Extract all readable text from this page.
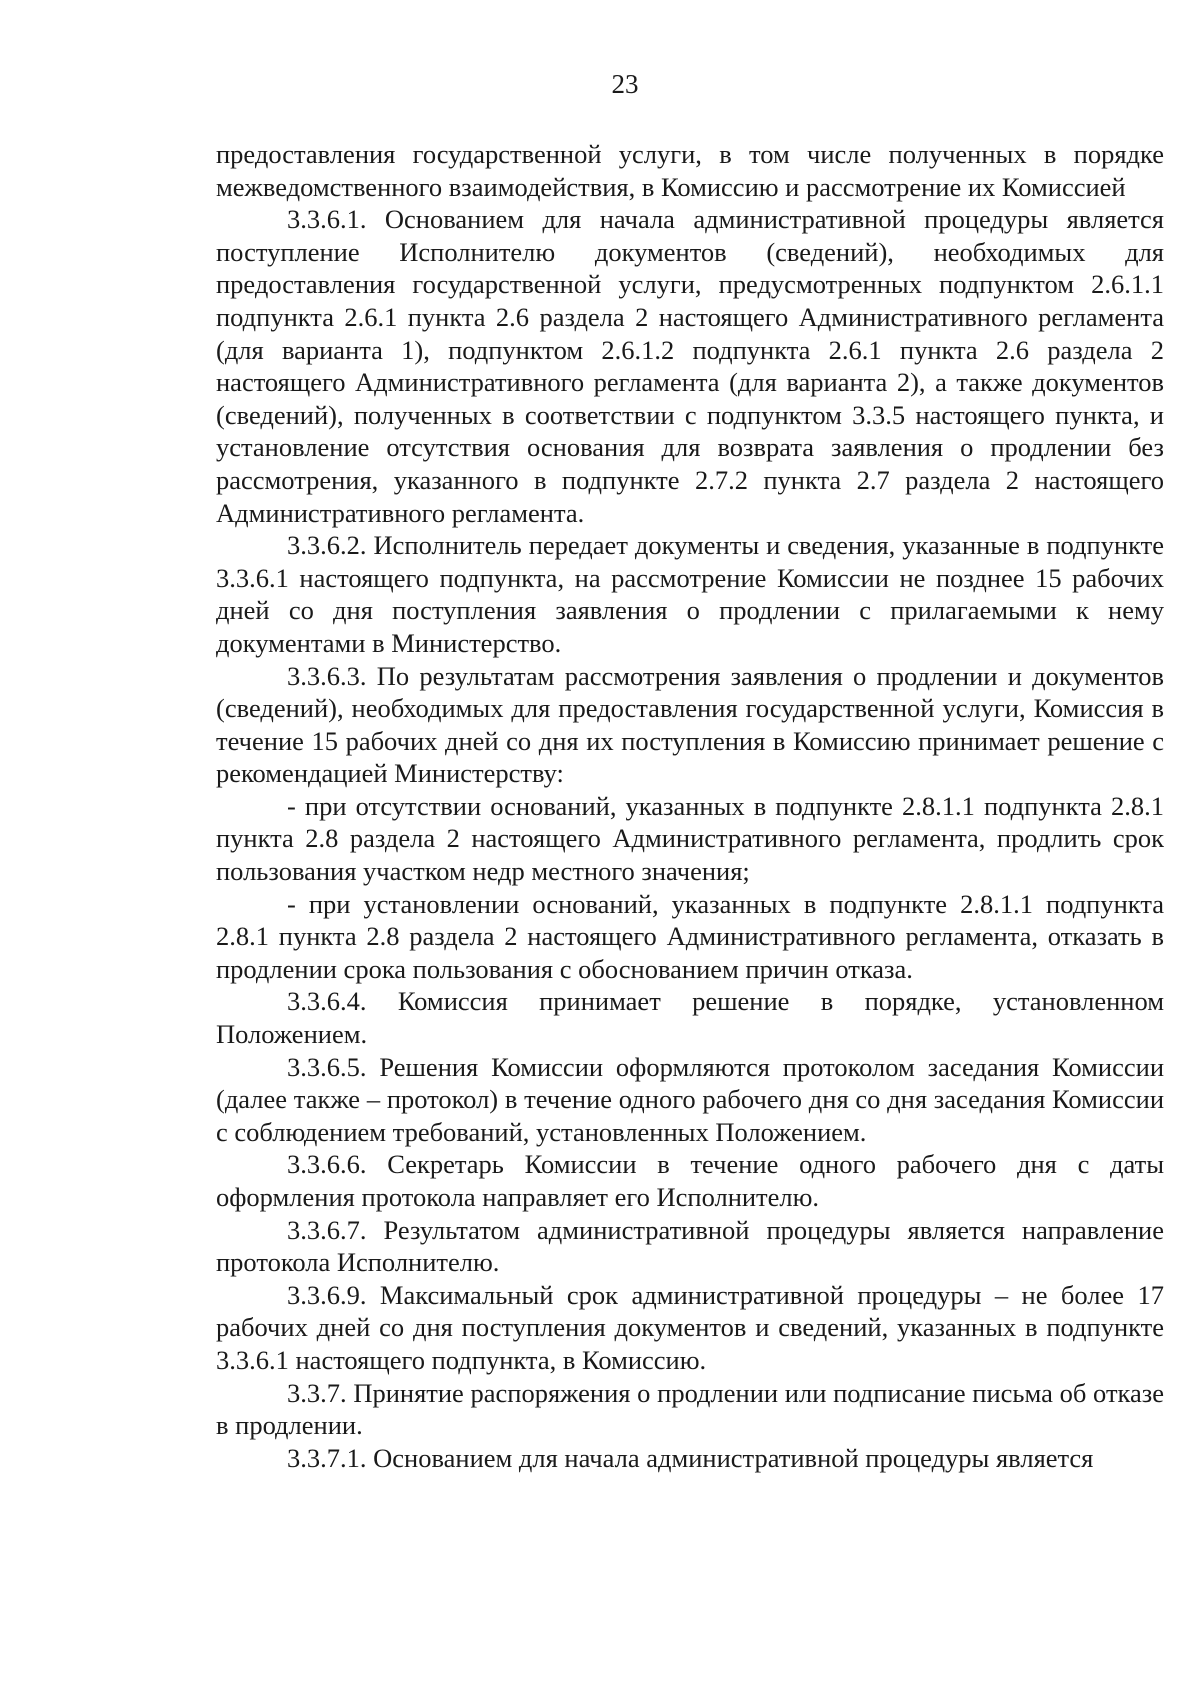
23

предоставления государственной услуги, в том числе полученных в порядке межведомственного взаимодействия, в Комиссию и рассмотрение их Комиссией

3.3.6.1. Основанием для начала административной процедуры является поступление Исполнителю документов (сведений), необходимых для предоставления государственной услуги, предусмотренных подпунктом 2.6.1.1 подпункта 2.6.1 пункта 2.6 раздела 2 настоящего Административного регламента (для варианта 1), подпунктом 2.6.1.2 подпункта 2.6.1 пункта 2.6 раздела 2 настоящего Административного регламента (для варианта 2), а также документов (сведений), полученных в соответствии с подпунктом 3.3.5 настоящего пункта, и установление отсутствия основания для возврата заявления о продлении без рассмотрения, указанного в подпункте 2.7.2 пункта 2.7 раздела 2 настоящего Административного регламента.

3.3.6.2. Исполнитель передает документы и сведения, указанные в подпункте 3.3.6.1 настоящего подпункта, на рассмотрение Комиссии не позднее 15 рабочих дней со дня поступления заявления о продлении с прилагаемыми к нему документами в Министерство.

3.3.6.3. По результатам рассмотрения заявления о продлении и документов (сведений), необходимых для предоставления государственной услуги, Комиссия в течение 15 рабочих дней со дня их поступления в Комиссию принимает решение с рекомендацией Министерству:

- при отсутствии оснований, указанных в подпункте 2.8.1.1 подпункта 2.8.1 пункта 2.8 раздела 2 настоящего Административного регламента, продлить срок пользования участком недр местного значения;

- при установлении оснований, указанных в подпункте 2.8.1.1 подпункта 2.8.1 пункта 2.8 раздела 2 настоящего Административного регламента, отказать в продлении срока пользования с обоснованием причин отказа.

3.3.6.4. Комиссия принимает решение в порядке, установленном Положением.

3.3.6.5. Решения Комиссии оформляются протоколом заседания Комиссии (далее также – протокол) в течение одного рабочего дня со дня заседания Комиссии с соблюдением требований, установленных Положением.

3.3.6.6. Секретарь Комиссии в течение одного рабочего дня с даты оформления протокола направляет его Исполнителю.

3.3.6.7. Результатом административной процедуры является направление протокола Исполнителю.

3.3.6.9. Максимальный срок административной процедуры – не более 17 рабочих дней со дня поступления документов и сведений, указанных в подпункте 3.3.6.1 настоящего подпункта, в Комиссию.

3.3.7. Принятие распоряжения о продлении или подписание письма об отказе в продлении.

3.3.7.1. Основанием для начала административной процедуры является
